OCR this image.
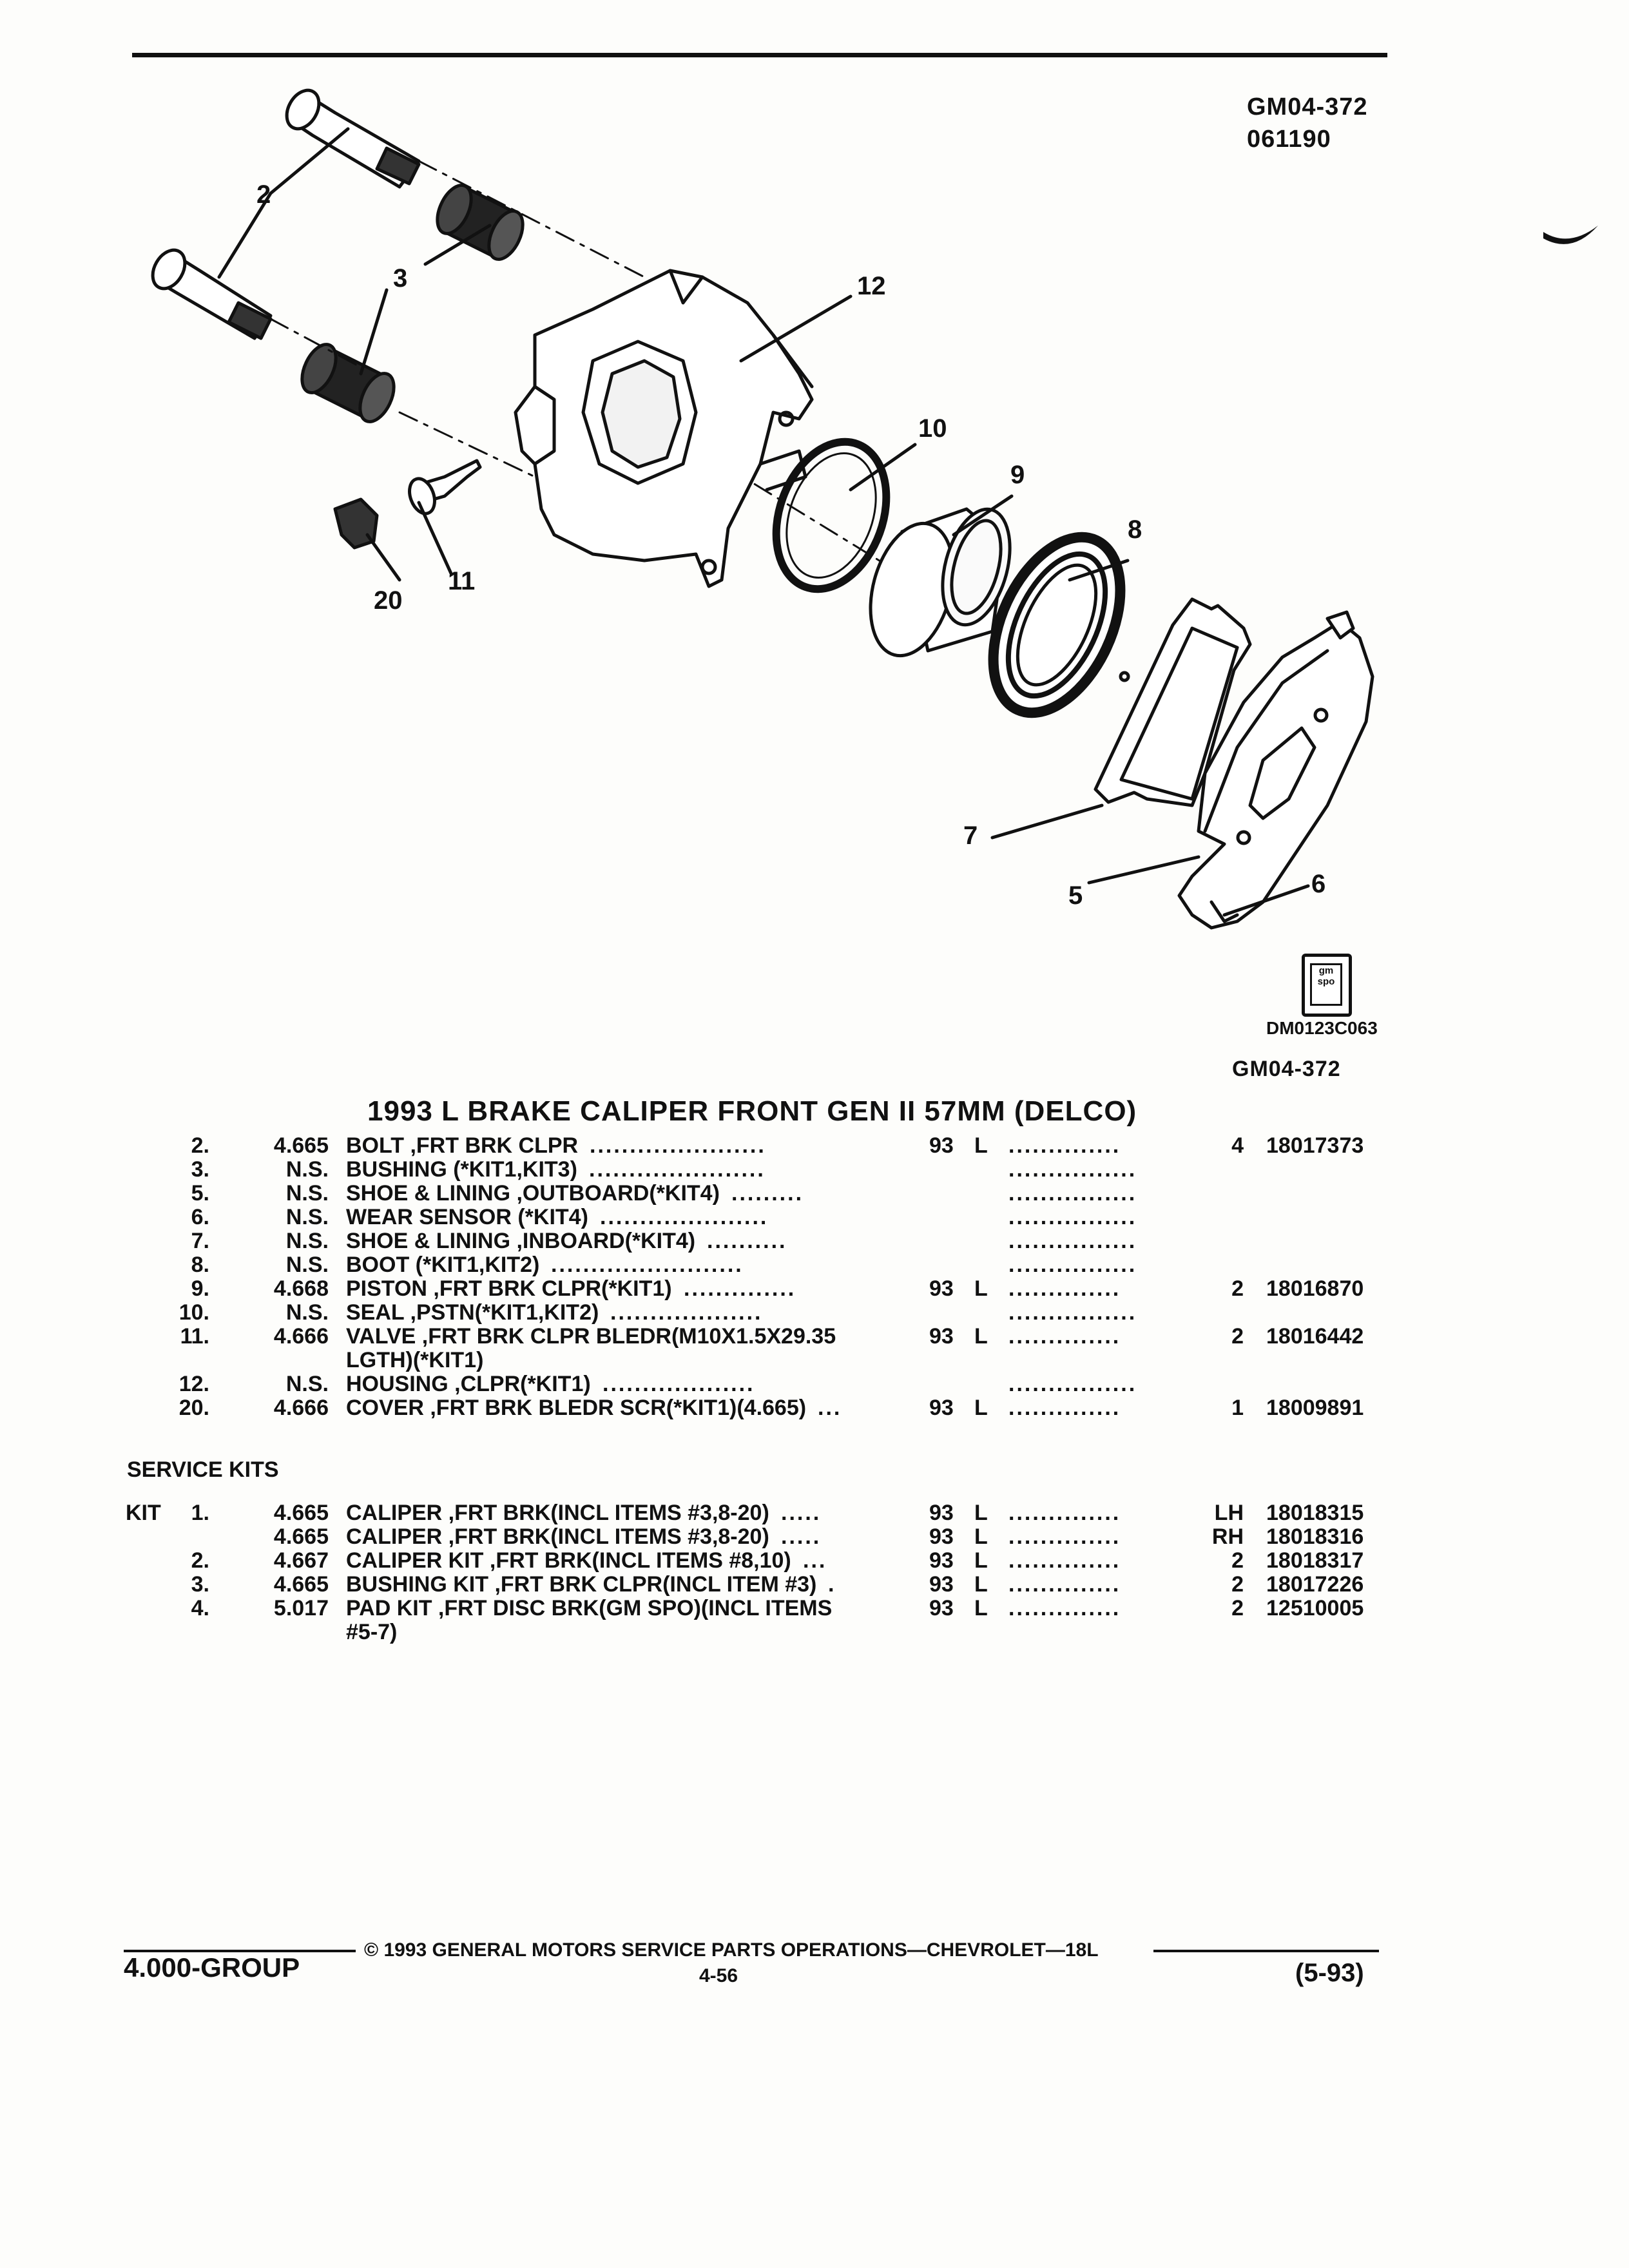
GM04-372
061190
2
3	12
10
9
8
11
20
7
5	6
gm spo
DM0123C063
GM04-372
1993 L BRAKE CALIPER FRONT GEN II 57MM (DELCO)
2.	4.665 BOLT ,FRT BRK CLPR ......................	93 L ..............	4 18017373
3.	N.S. BUSHING (*KIT1,KIT3) ......................	................
5.	N.S. SHOE & LINING ,OUTBOARD(*KIT4) .........	................
6.	N.S. WEAR SENSOR (*KIT4) .....................	................
7.	N.S. SHOE & LINING ,INBOARD(*KIT4) ..........	................
8.	N.S. BOOT (*KIT1,KIT2) ........................	................
9.	4.668 PISTON ,FRT BRK CLPR(*KIT1) ..............	93 L ..............	2 18016870
10.	N.S. SEAL ,PSTN(*KIT1,KIT2) ...................	................
11.	4.666 VALVE ,FRT BRK CLPR BLEDR(M10X1.5X29.35	93 L ..............	2 18016442
LGTH)(*KIT1)
12.	N.S. HOUSING ,CLPR(*KIT1) ...................	................
20.	4.666 COVER ,FRT BRK BLEDR SCR(*KIT1)(4.665) ...	93 L ..............	1 18009891
SERVICE KITS
KIT	1.	4.665 CALIPER ,FRT BRK(INCL ITEMS #3,8-20) .....	93 L ..............	LH 18018315
4.665 CALIPER ,FRT BRK(INCL ITEMS #3,8-20) .....	93 L ..............	RH 18018316
2.	4.667 CALIPER KIT ,FRT BRK(INCL ITEMS #8,10) ...	93 L ..............	2 18018317
3.	4.665 BUSHING KIT ,FRT BRK CLPR(INCL ITEM #3) .	93 L ..............	2 18017226
4.	5.017 PAD KIT ,FRT DISC BRK(GM SPO)(INCL ITEMS	93 L ..............	2 12510005
#5-7)
© 1993 GENERAL MOTORS SERVICE PARTS OPERATIONS—CHEVROLET—18L
4.000-GROUP	4-56	(5-93)
